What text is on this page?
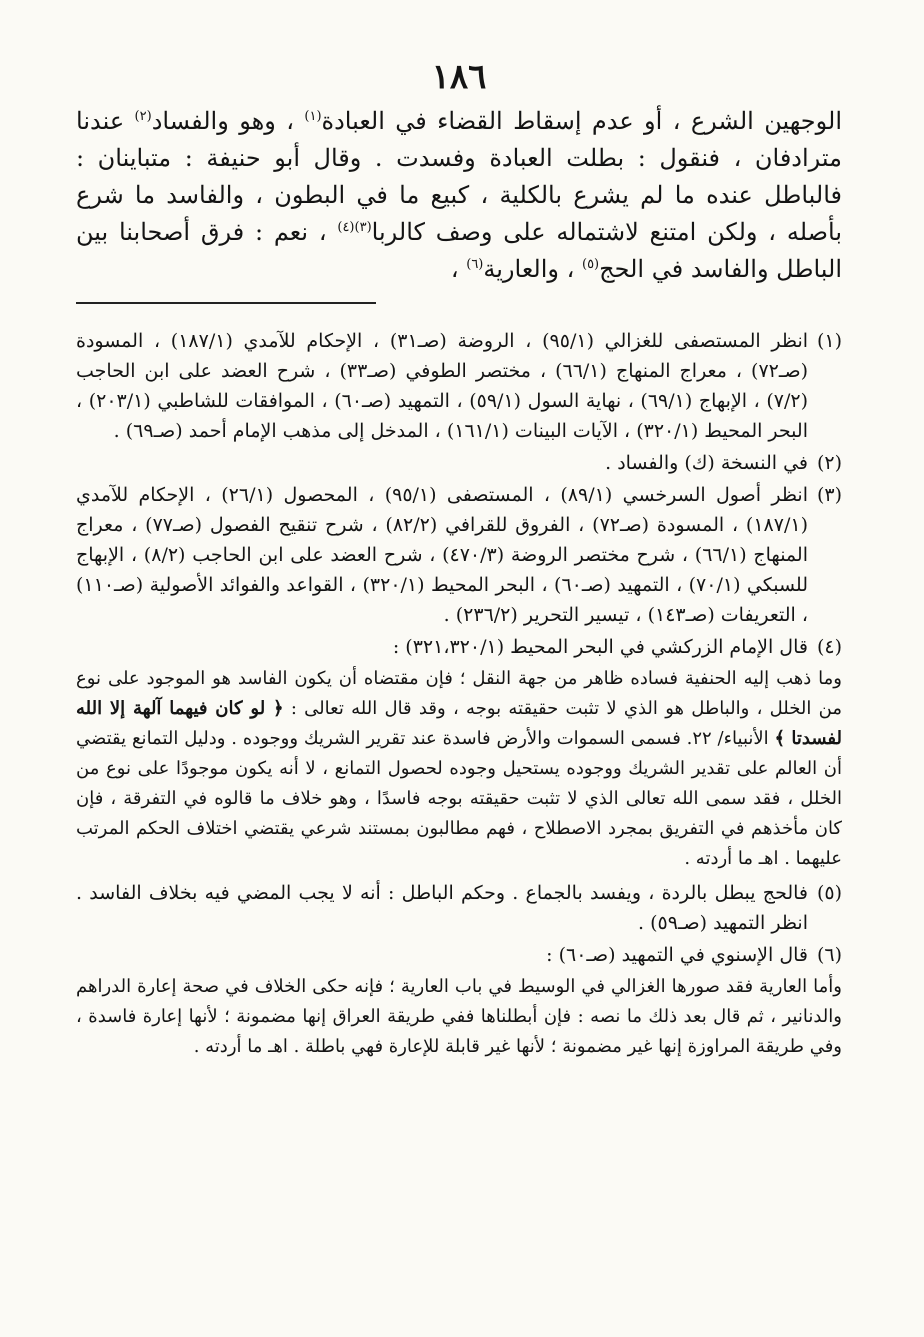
١٨٦

الوجهين الشرع ، أو عدم إسقاط القضاء في العبادة$^{(١)}$ ، وهو والفساد$^{(٢)}$ عندنا مترادفان ، فنقول : بطلت العبادة وفسدت . وقال أبو حنيفة : متباينان : فالباطل عنده ما لم يشرع بالكلية ، كبيع ما في البطون ، والفاسد ما شرع بأصله ، ولكن امتنع لاشتماله على وصف كالربا$^{(٣)(٤)}$ ، نعم : فرق أصحابنا بين الباطل والفاسد في الحج$^{(٥)}$ ، والعارية$^{(٦)}$ ،

(١)
انظر المستصفى للغزالي (٩٥/١) ، الروضة (صـ٣١) ، الإحكام للآمدي (١٨٧/١) ، المسودة (صـ٧٢) ، معراج المنهاج (٦٦/١) ، مختصر الطوفي (صـ٣٣) ، شرح العضد على ابن الحاجب (٧/٢) ، الإبهاج (٦٩/١) ، نهاية السول (٥٩/١) ، التمهيد (صـ٦٠) ، الموافقات للشاطبي (٢٠٣/١) ، البحر المحيط (٣٢٠/١) ، الآيات البينات (١٦١/١) ، المدخل إلى مذهب الإمام أحمد (صـ٦٩) .
(٢)
في النسخة (ك) والفساد .
(٣)
انظر أصول السرخسي (٨٩/١) ، المستصفى (٩٥/١) ، المحصول (٢٦/١) ، الإحكام للآمدي (١٨٧/١) ، المسودة (صـ٧٢) ، الفروق للقرافي (٨٢/٢) ، شرح تنقيح الفصول (صـ٧٧) ، معراج المنهاج (٦٦/١) ، شرح مختصر الروضة (٤٧٠/٣) ، شرح العضد على ابن الحاجب (٨/٢) ، الإبهاج للسبكي (٧٠/١) ، التمهيد (صـ٦٠) ، البحر المحيط (٣٢٠/١) ، القواعد والفوائد الأصولية (صـ١١٠) ، التعريفات (صـ١٤٣) ، تيسير التحرير (٢٣٦/٢) .
(٤)
قال الإمام الزركشي في البحر المحيط (٣٢١،٣٢٠/١) :

وما ذهب إليه الحنفية فساده ظاهر من جهة النقل ؛ فإن مقتضاه أن يكون الفاسد هو الموجود على نوع من الخلل ، والباطل هو الذي لا تثبت حقيقته بوجه ، وقد قال الله تعالى : ﴿ لو كان فيهما آلهة إلا الله لفسدتا ﴾ الأنبياء/ ٢٢. فسمى السموات والأرض فاسدة عند تقرير الشريك ووجوده . ودليل التمانع يقتضي أن العالم على تقدير الشريك ووجوده يستحيل وجوده لحصول التمانع ، لا أنه يكون موجودًا على نوع من الخلل ، فقد سمى الله تعالى الذي لا تثبت حقيقته بوجه فاسدًا ، وهو خلاف ما قالوه في التفرقة ، فإن كان مأخذهم في التفريق بمجرد الاصطلاح ، فهم مطالبون بمستند شرعي يقتضي اختلاف الحكم المرتب عليهما . اهـ ما أردته .

(٥)
فالحج يبطل بالردة ، ويفسد بالجماع . وحكم الباطل : أنه لا يجب المضي فيه بخلاف الفاسد . انظر التمهيد (صـ٥٩) .
(٦)
قال الإسنوي في التمهيد (صـ٦٠) :

وأما العارية فقد صورها الغزالي في الوسيط في باب العارية ؛ فإنه حكى الخلاف في صحة إعارة الدراهم والدنانير ، ثم قال بعد ذلك ما نصه : فإن أبطلناها ففي طريقة العراق إنها مضمونة ؛ لأنها إعارة فاسدة ، وفي طريقة المراوزة إنها غير مضمونة ؛ لأنها غير قابلة للإعارة فهي باطلة . اهـ ما أردته .
